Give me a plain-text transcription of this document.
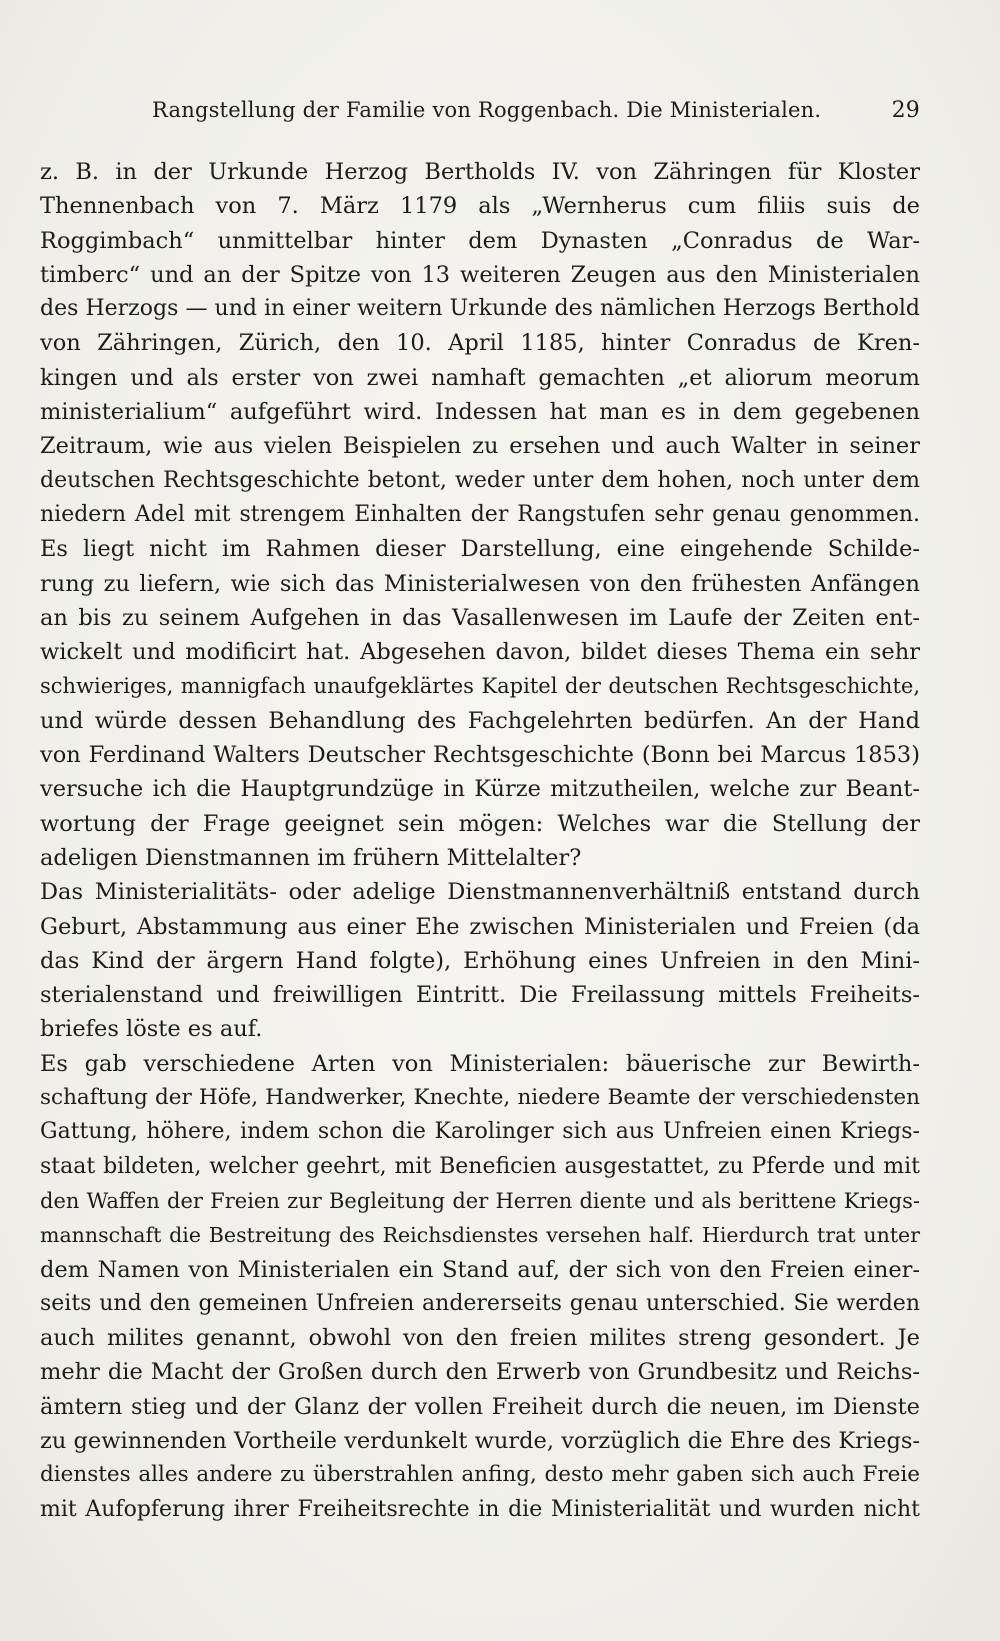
Rangstellung der Familie von Roggenbach. Die Ministerialen.	29
z. B. in der Urkunde Herzog Bertholds IV. von Zähringen für Kloster
Thennenbach von 7. März 1179 als „Wernherus cum filiis suis de
Roggimbach“ unmittelbar hinter dem Dynasten „Conradus de War-
timberc“ und an der Spitze von 13 weiteren Zeugen aus den Ministerialen
des Herzogs — und in einer weitern Urkunde des nämlichen Herzogs Berthold
von Zähringen, Zürich, den 10. April 1185, hinter Conradus de Kren-
kingen und als erster von zwei namhaft gemachten „et aliorum meorum
ministerialium“ aufgeführt wird. Indessen hat man es in dem gegebenen
Zeitraum, wie aus vielen Beispielen zu ersehen und auch Walter in seiner
deutschen Rechtsgeschichte betont, weder unter dem hohen, noch unter dem
niedern Adel mit strengem Einhalten der Rangstufen sehr genau genommen.
Es liegt nicht im Rahmen dieser Darstellung, eine eingehende Schilde-
rung zu liefern, wie sich das Ministerialwesen von den frühesten Anfängen
an bis zu seinem Aufgehen in das Vasallenwesen im Laufe der Zeiten ent-
wickelt und modificirt hat. Abgesehen davon, bildet dieses Thema ein sehr
schwieriges, mannigfach unaufgeklärtes Kapitel der deutschen Rechtsgeschichte,
und würde dessen Behandlung des Fachgelehrten bedürfen. An der Hand
von Ferdinand Walters Deutscher Rechtsgeschichte (Bonn bei Marcus 1853)
versuche ich die Hauptgrundzüge in Kürze mitzutheilen, welche zur Beant-
wortung der Frage geeignet sein mögen: Welches war die Stellung der
adeligen Dienstmannen im frühern Mittelalter?
Das Ministerialitäts- oder adelige Dienstmannenverhältniß entstand durch
Geburt, Abstammung aus einer Ehe zwischen Ministerialen und Freien (da
das Kind der ärgern Hand folgte), Erhöhung eines Unfreien in den Mini-
sterialenstand und freiwilligen Eintritt. Die Freilassung mittels Freiheits-
briefes löste es auf.
Es gab verschiedene Arten von Ministerialen: bäuerische zur Bewirth-
schaftung der Höfe, Handwerker, Knechte, niedere Beamte der verschiedensten
Gattung, höhere, indem schon die Karolinger sich aus Unfreien einen Kriegs-
staat bildeten, welcher geehrt, mit Beneficien ausgestattet, zu Pferde und mit
den Waffen der Freien zur Begleitung der Herren diente und als berittene Kriegs-
mannschaft die Bestreitung des Reichsdienstes versehen half. Hierdurch trat unter
dem Namen von Ministerialen ein Stand auf, der sich von den Freien einer-
seits und den gemeinen Unfreien andererseits genau unterschied. Sie werden
auch milites genannt, obwohl von den freien milites streng gesondert. Je
mehr die Macht der Großen durch den Erwerb von Grundbesitz und Reichs-
ämtern stieg und der Glanz der vollen Freiheit durch die neuen, im Dienste
zu gewinnenden Vortheile verdunkelt wurde, vorzüglich die Ehre des Kriegs-
dienstes alles andere zu überstrahlen anfing, desto mehr gaben sich auch Freie
mit Aufopferung ihrer Freiheitsrechte in die Ministerialität und wurden nicht
